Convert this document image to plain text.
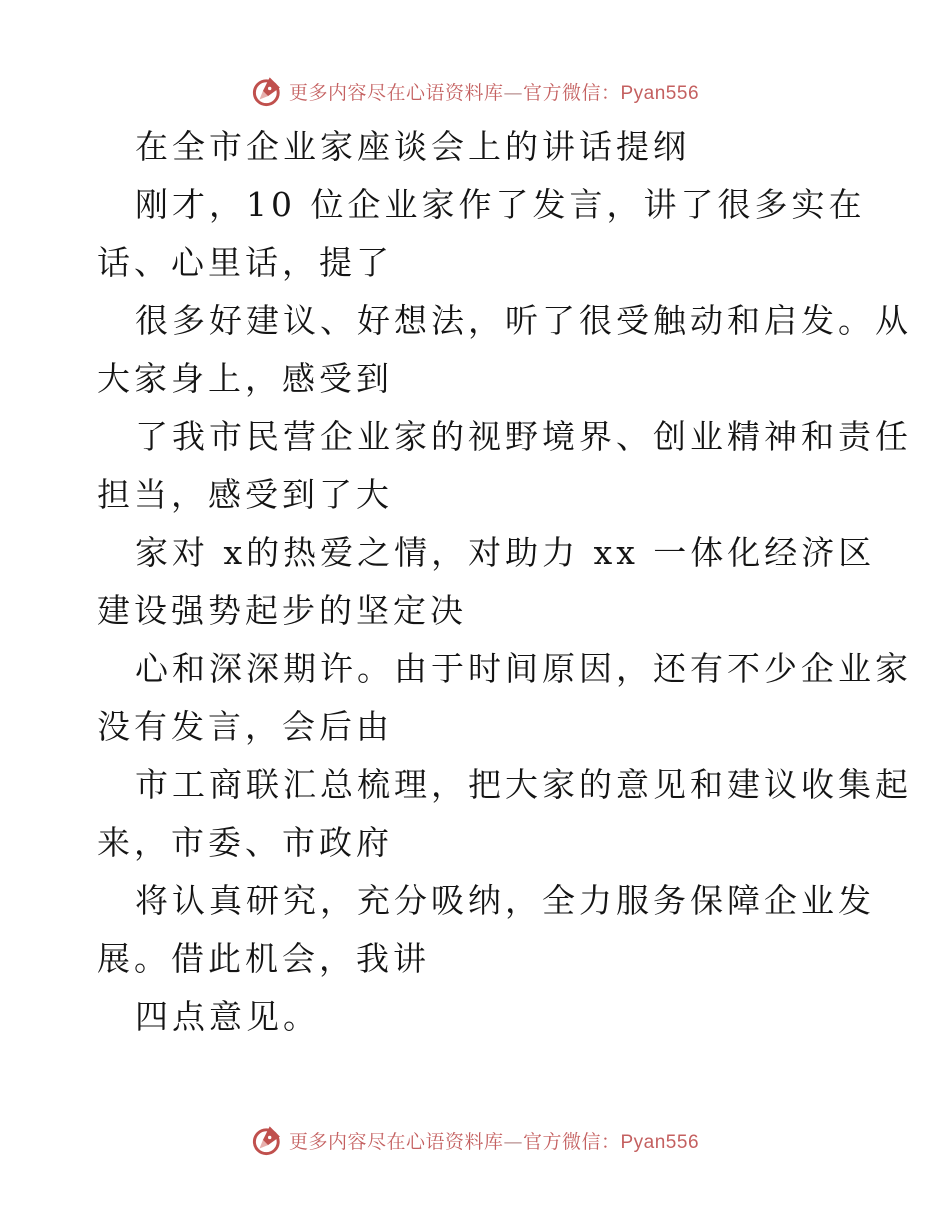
更多内容尽在心语资料库—官方微信：Pyan556
在全市企业家座谈会上的讲话提纲
刚才，10 位企业家作了发言，讲了很多实在
话、心里话，提了
很多好建议、好想法，听了很受触动和启发。从
大家身上，感受到
了我市民营企业家的视野境界、创业精神和责任
担当，感受到了大
家对 x的热爱之情，对助力 xx 一体化经济区
建设强势起步的坚定决
心和深深期许。由于时间原因，还有不少企业家
没有发言，会后由
市工商联汇总梳理，把大家的意见和建议收集起
来，市委、市政府
将认真研究，充分吸纳，全力服务保障企业发
展。借此机会，我讲
四点意见。
更多内容尽在心语资料库—官方微信：Pyan556
